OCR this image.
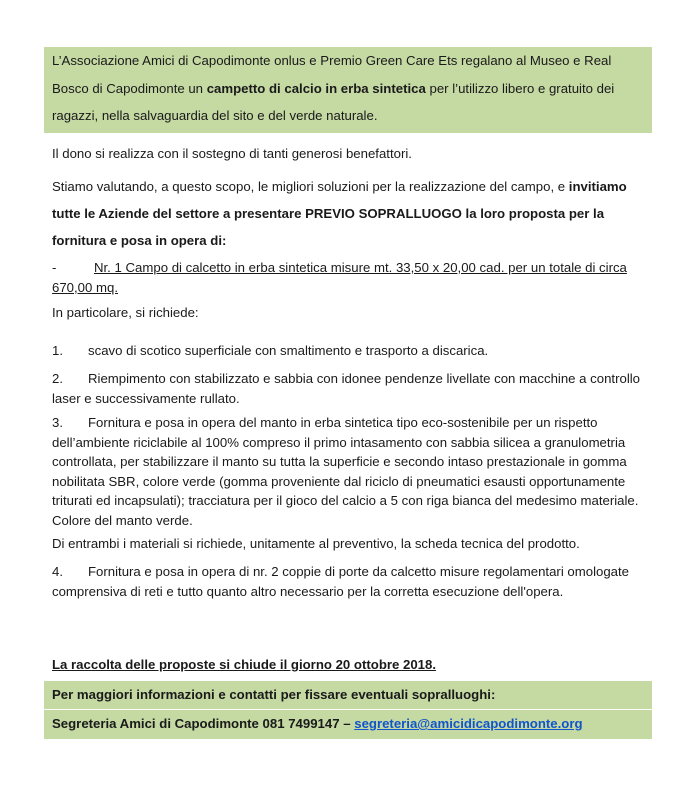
L’Associazione Amici di Capodimonte onlus e Premio Green Care Ets regalano al Museo e Real Bosco di Capodimonte un campetto di calcio in erba sintetica per l’utilizzo libero e gratuito dei ragazzi, nella salvaguardia del sito e del verde naturale.

Il dono si realizza con il sostegno di tanti generosi benefattori.

Stiamo valutando, a questo scopo, le migliori soluzioni per la realizzazione del campo, e invitiamo tutte le Aziende del settore a presentare PREVIO SOPRALLUOGO la loro proposta per la fornitura e posa in opera di:

-	Nr. 1 Campo di calcetto in erba sintetica misure mt. 33,50 x 20,00 cad. per un totale di circa 670,00 mq.

In particolare, si richiede:

1. scavo di scotico superficiale con smaltimento e trasporto a discarica.

2. Riempimento con stabilizzato e sabbia con idonee pendenze livellate con macchine a controllo laser e successivamente rullato.

3. Fornitura e posa in opera del manto in erba sintetica tipo eco-sostenibile per un rispetto dell’ambiente riciclabile al 100% compreso il primo intasamento con sabbia silicea a granulometria controllata, per stabilizzare il manto su tutta la superficie e secondo intaso prestazionale in gomma nobilitata SBR, colore verde (gomma proveniente dal riciclo di pneumatici esausti opportunamente triturati ed incapsulati); tracciatura per il gioco del calcio a 5 con riga bianca del medesimo materiale. Colore del manto verde.

Di entrambi i materiali si richiede, unitamente al preventivo, la scheda tecnica del prodotto.

4. Fornitura e posa in opera di nr. 2 coppie di porte da calcetto misure regolamentari omologate comprensiva di reti e tutto quanto altro necessario per la corretta esecuzione dell'opera.

La raccolta delle proposte si chiude il giorno 20 ottobre 2018.

Per maggiori informazioni e contatti per fissare eventuali sopralluoghi:
Segreteria Amici di Capodimonte 081 7499147 – segreteria@amicidicapodimonte.org
